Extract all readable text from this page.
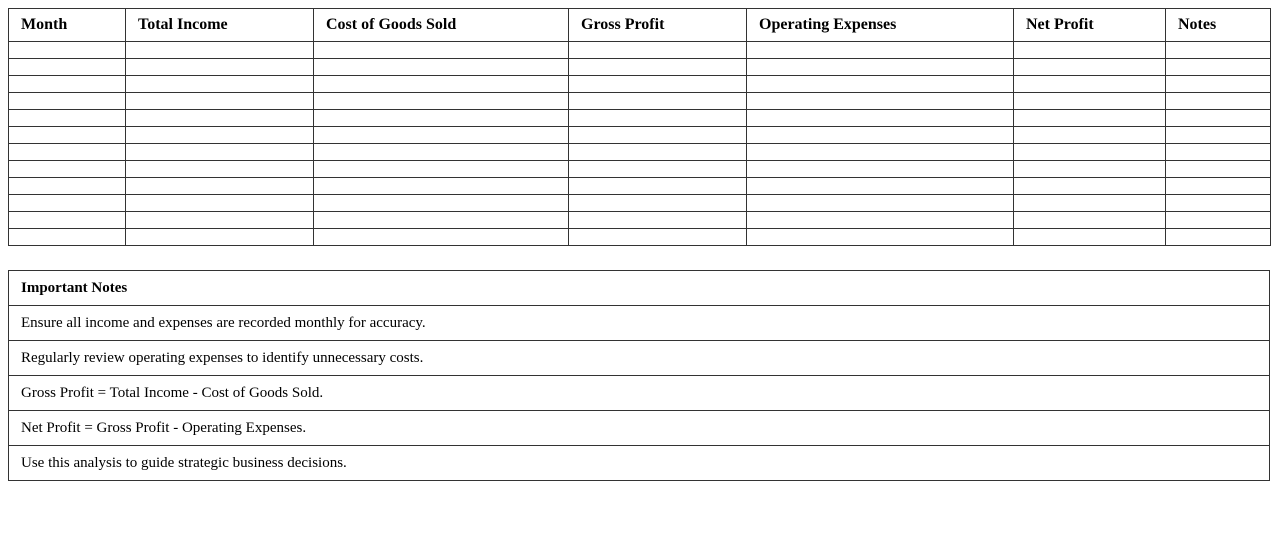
Month	Total Income	Cost of Goods Sold	Gross Profit	Operating Expenses	Net Profit	Notes

Important Notes
Ensure all income and expenses are recorded monthly for accuracy.
Regularly review operating expenses to identify unnecessary costs.
Gross Profit = Total Income - Cost of Goods Sold.
Net Profit = Gross Profit - Operating Expenses.
Use this analysis to guide strategic business decisions.
